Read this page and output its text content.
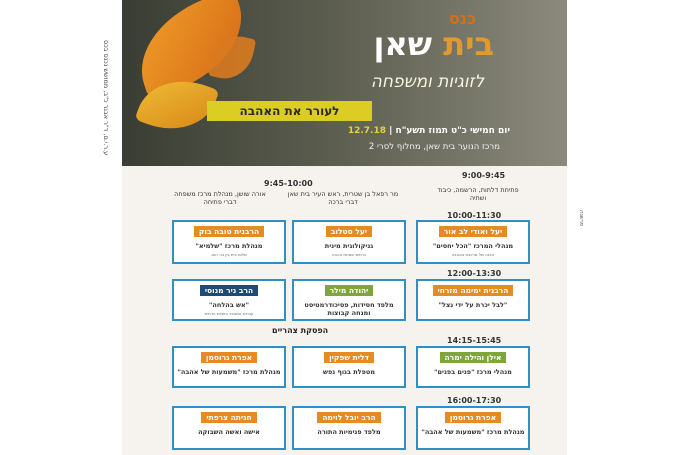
כנס
בית שאן
לזוגיות ומשפחה
לעורר את האהבה
יום חמישי כ"ט תמוז תשע"ח | 12.7.18
מרכז הנוער בית שאן, מחלוף לסרי 2
9:00-9:45
פתיחת דלתות, הרשמה, כיבוד ושתיה
9:45-10:00
מר רפאל בן שטרית, ראש העיר בית שאן
דברי ברכה
אורה שושן, מנהלת מרכז משפחה
דברי פתיחה
10:00-11:30
יעל ואודי לב אור
מנהלי המרכז "הכל יחסים"
הבנה של מרכבת באהבה
יעל סטלוב
גניקולוגית מינית
כרמים שמחת אהבה
הרבנית טובה בוק
מנהלת מרכז "שלמיא"
שלום בית בין בני הזוג
12:00-13:30
הרבנית ימימה מזרחי
"לבל יכרת על ידי נצל"
יהודה מילר
מלפד חסידות, פסיכודרמטיסט ומנחה קבוצות
הרב ניר מנוסי
"אש בהלחה"
עבודת המצבר בזוגיות הדתית
הפסקת צהריים
14:15-15:45
אילן והילה ימרה
מנהלי מרכז "פנים בפנים"
דלית שפקין
מטפלת בגוף נפש
אפרת גרוסמן
מנהלת מרכז "משמעות של אהבה"
16:00-17:30
אפרת גרוסמן
מנהלת מרכז "משמעות של אהבה"
הרב יובל לוימה
מלפד פנימיות התורה
חגיתה צרפתי
אישה ואשה השבוקה
ע.ר.י.ם, ד"ר אבגר כ"ב, ממושש נכנס בכס
פרשנה
